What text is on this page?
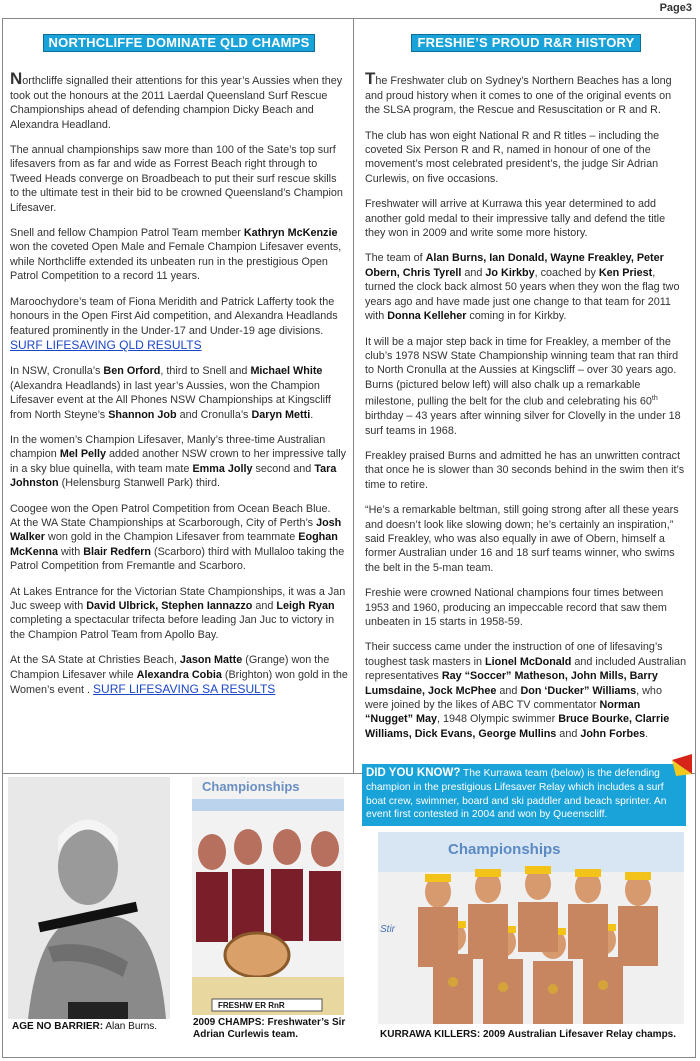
Page3
NORTHCLIFFE DOMINATE QLD CHAMPS

Northcliffe signalled their attentions for this year’s Aussies when they took out the honours at the 2011 Laerdal Queensland Surf Rescue Championships ahead of defending champion Dicky Beach and Alexandra Headland.

The annual championships saw more than 100 of the Sate’s top surf lifesavers from as far and wide as Forrest Beach right through to Tweed Heads converge on Broadbeach to put their surf rescue skills to the ultimate test in their bid to be crowned Queensland’s Champion Lifesaver.

Snell and fellow Champion Patrol Team member Kathryn McKenzie won the coveted Open Male and Female Champion Lifesaver events, while Northcliffe extended its unbeaten run in the prestigious Open Patrol Competition to a record 11 years.

Maroochydore’s team of Fiona Meridith and Patrick Lafferty took the honours in the Open First Aid competition, and Alexandra Headlands featured prominently in the Under-17 and Under-19 age divisions.
SURF LIFESAVING QLD RESULTS

In NSW, Cronulla’s Ben Orford, third to Snell and Michael White (Alexandra Headlands) in last year’s Aussies, won the Champion Lifesaver event at the All Phones NSW Championships at Kingscliff from North Steyne’s Shannon Job and Cronulla’s Daryn Metti.

In the women’s Champion Lifesaver, Manly’s three-time Australian champion Mel Pelly added another NSW crown to her impressive tally in a sky blue quinella, with team mate Emma Jolly second and Tara Johnston (Helensburg Stanwell Park) third.

Coogee won the Open Patrol Competition from Ocean Beach Blue.
At the WA State Championships at Scarborough, City of Perth’s Josh Walker won gold in the Champion Lifesaver from teammate Eoghan McKenna with Blair Redfern (Scarboro) third with Mullaloo taking the Patrol Competition from Fremantle and Scarboro.

At Lakes Entrance for the Victorian State Championships, it was a Jan Juc sweep with David Ulbrick, Stephen Iannazzo and Leigh Ryan completing a spectacular trifecta before leading Jan Juc to victory in the Champion Patrol Team from Apollo Bay.

At the SA State at Christies Beach, Jason Matte (Grange) won the Champion Lifesaver while Alexandra Cobia (Brighton) won gold in the Women’s event . SURF LIFESAVING SA RESULTS

FRESHIE’S PROUD R&R HISTORY

The Freshwater club on Sydney’s Northern Beaches has a long and proud history when it comes to one of the original events on the SLSA program, the Rescue and Resuscitation or R and R.

The club has won eight National R and R titles – including the coveted Six Person R and R, named in honour of one of the movement’s most celebrated president’s, the judge Sir Adrian Curlewis, on five occasions.

Freshwater will arrive at Kurrawa this year determined to add another gold medal to their impressive tally and defend the title they won in 2009 and write some more history.

The team of Alan Burns, Ian Donald, Wayne Freakley, Peter Obern, Chris Tyrell and Jo Kirkby, coached by Ken Priest, turned the clock back almost 50 years when they won the flag two years ago and have made just one change to that team for 2011 with Donna Kelleher coming in for Kirkby.

It will be a major step back in time for Freakley, a member of the club’s 1978 NSW State Championship winning team that ran third to North Cronulla at the Aussies at Kingscliff – over 30 years ago. Burns (pictured below left) will also chalk up a remarkable milestone, pulling the belt for the club and celebrating his 60th birthday – 43 years after winning silver for Clovelly in the under 18 surf teams in 1968.

Freakley praised Burns and admitted he has an unwritten contract that once he is slower than 30 seconds behind in the swim then it’s time to retire.

“He’s a remarkable beltman, still going strong after all these years and doesn’t look like slowing down; he’s certainly an inspiration,” said Freakley, who was also equally in awe of Obern, himself a former Australian under 16 and 18 surf teams winner, who swims the belt in the 5-man team.

Freshie were crowned National champions four times between 1953 and 1960, producing an impeccable record that saw them unbeaten in 15 starts in 1958-59.

Their success came under the instruction of one of lifesaving’s toughest task masters in Lionel McDonald and included Australian representatives Ray “Soccer” Matheson, John Mills, Barry Lumsdaine, Jock McPhee and Don ‘Ducker” Williams, who were joined by the likes of ABC TV commentator Norman “Nugget” May, 1948 Olympic swimmer Bruce Bourke, Clarrie Williams, Dick Evans, George Mullins and John Forbes.

DID YOU KNOW? The Kurrawa team (below) is the defending champion in the prestigious Lifesaver Relay which includes a surf boat crew, swimmer, board and ski paddler and beach sprinter. An event first contested in 2004 and won by Queenscliff.
AGE NO BARRIER: Alan Burns.
Championships
FRESHW ER RnR
2009 CHAMPS: Freshwater’s Sir Adrian Curlewis team.
Championships
Stir
KURRAWA KILLERS: 2009 Australian Lifesaver Relay champs.
